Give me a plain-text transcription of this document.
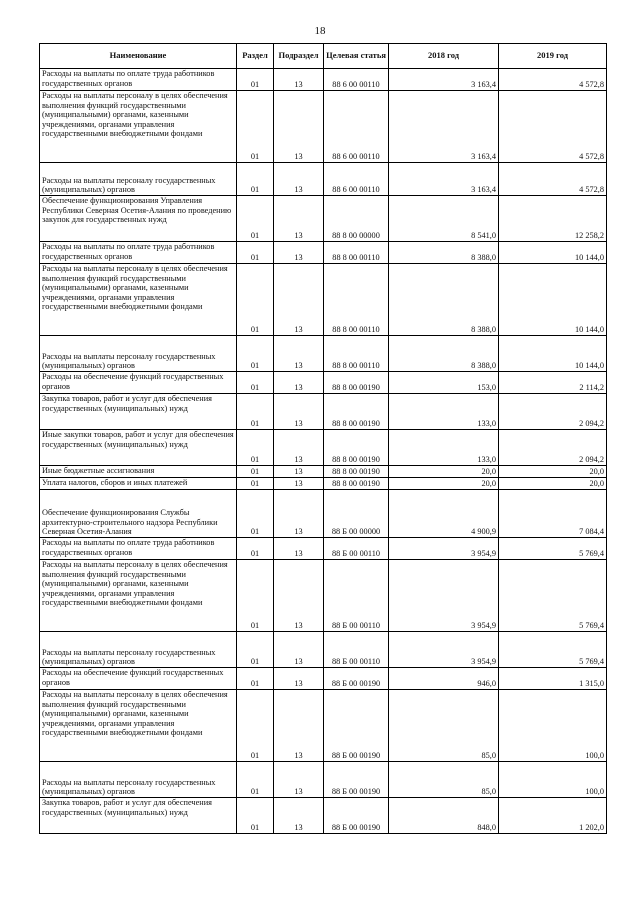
18
Наименование	Раздел	Подраздел	Целевая статья	2018 год	2019 год
Расходы на выплаты по оплате труда работников государственных органов	01	13	88 6 00 00110	3 163,4	4 572,8
Расходы на выплаты персоналу в целях обеспечения выполнения функций государственными (муниципальными) органами, казенными учреждениями, органами управления государственными внебюджетными фондами	01	13	88 6 00 00110	3 163,4	4 572,8
Расходы на выплаты персоналу государственных (муниципальных) органов	01	13	88 6 00 00110	3 163,4	4 572,8
Обеспечение функционирования Управления Республики Северная Осетия-Алания по проведению закупок для государственных нужд	01	13	88 8 00 00000	8 541,0	12 258,2
Расходы на выплаты по оплате труда работников государственных органов	01	13	88 8 00 00110	8 388,0	10 144,0
Расходы на выплаты персоналу в целях обеспечения выполнения функций государственными (муниципальными) органами, казенными учреждениями, органами управления государственными внебюджетными фондами	01	13	88 8 00 00110	8 388,0	10 144,0
Расходы на выплаты персоналу государственных (муниципальных) органов	01	13	88 8 00 00110	8 388,0	10 144,0
Расходы на обеспечение функций государственных органов	01	13	88 8 00 00190	153,0	2 114,2
Закупка товаров, работ и услуг для обеспечения государственных (муниципальных) нужд	01	13	88 8 00 00190	133,0	2 094,2
Иные закупки товаров, работ и услуг для обеспечения государственных (муниципальных) нужд	01	13	88 8 00 00190	133,0	2 094,2
Иные бюджетные ассигнования	01	13	88 8 00 00190	20,0	20,0
Уплата налогов, сборов и иных платежей	01	13	88 8 00 00190	20,0	20,0
Обеспечение функционирования Службы архитектурно-строительного надзора Республики Северная Осетия-Алания	01	13	88 Б 00 00000	4 900,9	7 084,4
Расходы на выплаты по оплате труда работников государственных органов	01	13	88 Б 00 00110	3 954,9	5 769,4
Расходы на выплаты персоналу в целях обеспечения выполнения функций государственными (муниципальными) органами, казенными учреждениями, органами управления государственными внебюджетными фондами	01	13	88 Б 00 00110	3 954,9	5 769,4
Расходы на выплаты персоналу государственных (муниципальных) органов	01	13	88 Б 00 00110	3 954,9	5 769,4
Расходы на обеспечение функций государственных органов	01	13	88 Б 00 00190	946,0	1 315,0
Расходы на выплаты персоналу в целях обеспечения выполнения функций государственными (муниципальными) органами, казенными учреждениями, органами управления государственными внебюджетными фондами	01	13	88 Б 00 00190	85,0	100,0
Расходы на выплаты персоналу государственных (муниципальных) органов	01	13	88 Б 00 00190	85,0	100,0
Закупка товаров, работ и услуг для обеспечения государственных (муниципальных) нужд	01	13	88 Б 00 00190	848,0	1 202,0
